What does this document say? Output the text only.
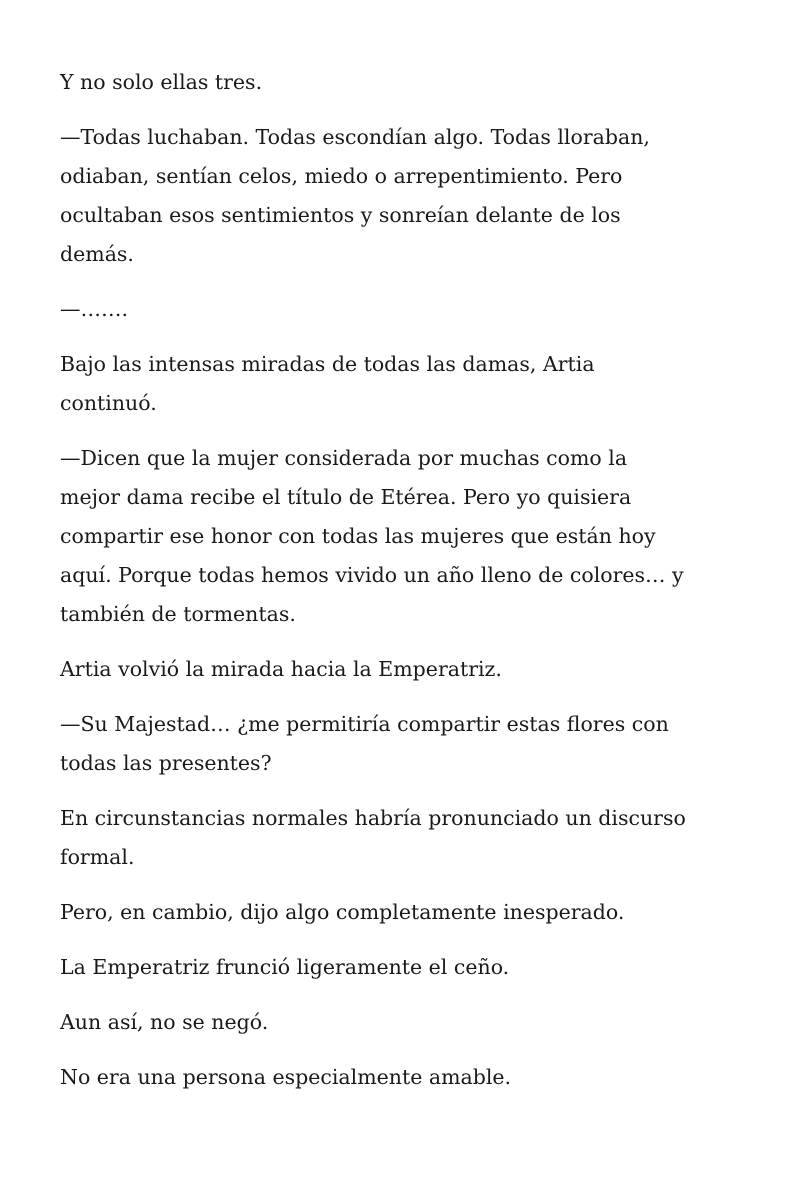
Y no solo ellas tres.

—Todas luchaban. Todas escondían algo. Todas lloraban,
odiaban, sentían celos, miedo o arrepentimiento. Pero
ocultaban esos sentimientos y sonreían delante de los
demás.

—…….

Bajo las intensas miradas de todas las damas, Artia
continuó.

—Dicen que la mujer considerada por muchas como la
mejor dama recibe el título de Etérea. Pero yo quisiera
compartir ese honor con todas las mujeres que están hoy
aquí. Porque todas hemos vivido un año lleno de colores… y
también de tormentas.

Artia volvió la mirada hacia la Emperatriz.

—Su Majestad… ¿me permitiría compartir estas flores con
todas las presentes?

En circunstancias normales habría pronunciado un discurso
formal.

Pero, en cambio, dijo algo completamente inesperado.

La Emperatriz frunció ligeramente el ceño.

Aun así, no se negó.

No era una persona especialmente amable.
